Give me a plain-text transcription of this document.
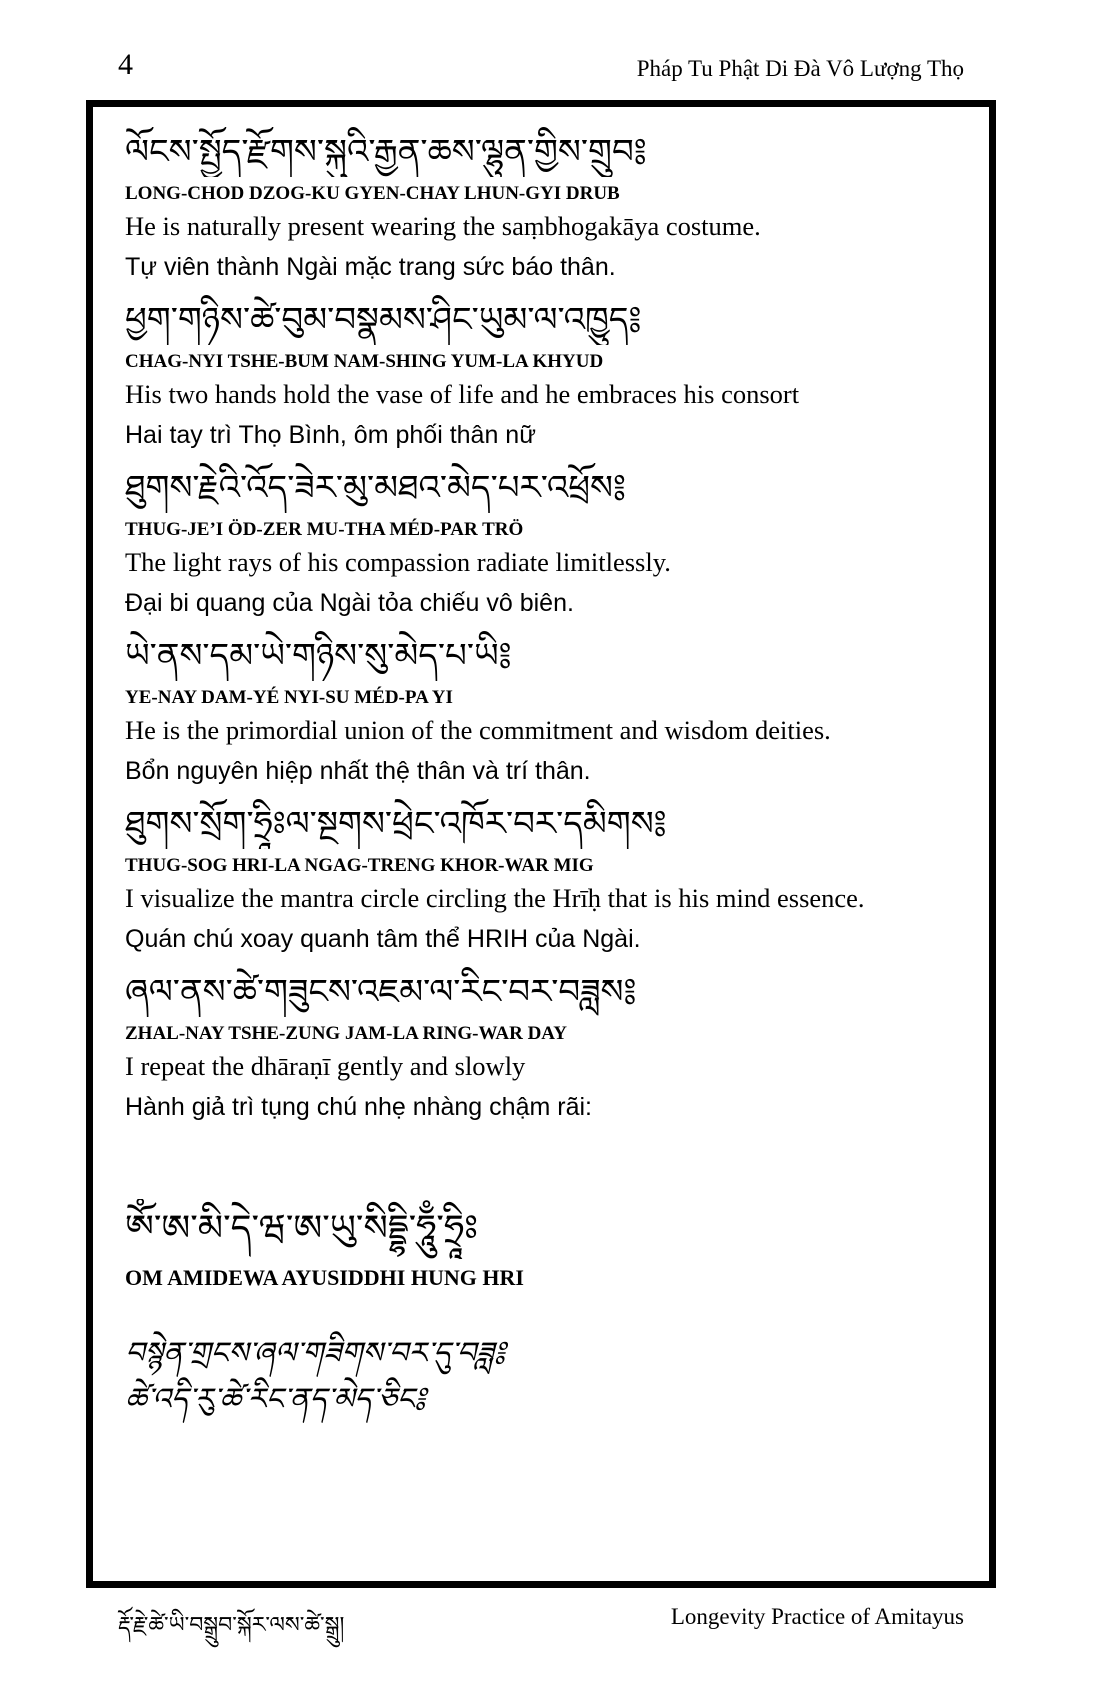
4	Pháp Tu Phật Di Đà Vô Lượng Thọ
ལོངས་སྤྱོད་རྫོགས་སྐུའི་རྒྱན་ཆས་ལྷུན་གྱིས་གྲུབ༔
LONG-CHOD DZOG-KU GYEN-CHAY LHUN-GYI DRUB
He is naturally present wearing the saṃbhogakāya costume.
Tự viên thành Ngài mặc trang sức báo thân.
ཕྱག་གཉིས་ཚེ་བུམ་བསྣམས་ཤིང་ཡུམ་ལ་འཁྱུད༔
CHAG-NYI TSHE-BUM NAM-SHING YUM-LA KHYUD
His two hands hold the vase of life and he embraces his consort
Hai tay trì Thọ Bình, ôm phối thân nữ
ཐུགས་རྗེའི་འོད་ཟེར་མུ་མཐའ་མེད་པར་འཕྲོས༔
THUG-JE’I ÖD-ZER MU-THA MÉD-PAR TRÖ
The light rays of his compassion radiate limitlessly.
Đại bi quang của Ngài tỏa chiếu vô biên.
ཡེ་ནས་དམ་ཡེ་གཉིས་སུ་མེད་པ་ཡི༔
YE-NAY DAM-YÉ NYI-SU MÉD-PA YI
He is the primordial union of the commitment and wisdom deities.
Bổn nguyên hiệp nhất thệ thân và trí thân.
ཐུགས་སྲོག་ཧྲཱིཿལ་སྔགས་ཕྲེང་འཁོར་བར་དམིགས༔
THUG-SOG HRI-LA NGAG-TRENG KHOR-WAR MIG
I visualize the mantra circle circling the Hrīḥ that is his mind essence.
Quán chú xoay quanh tâm thể HRIH của Ngài.
ཞལ་ནས་ཚེ་གཟུངས་འཇམ་ལ་རིང་བར་བཟླས༔
ZHAL-NAY TSHE-ZUNG JAM-LA RING-WAR DAY
I repeat the dhāraṇī gently and slowly
Hành giả trì tụng chú nhẹ nhàng chậm rãi:
ཨོཾ་ཨ་མི་དེ་ཝ་ཨ་ཡུ་སིདྡྷི་ཧཱུྃ་ཧྲཱིཿ
OM AMIDEWA AYUSIDDHI HUNG HRI
བསྙེན་གྲངས་ཞལ་གཟིགས་བར་དུ་བཟླ༔
ཚེ་འདི་རུ་ཚེ་རིང་ནད་མེད་ཅིང༔
རྡོ་རྗེ་ཚེ་ཡི་བསྒྲུབ་སྐོར་ལས་ཚེ་སྒྲུ།	Longevity Practice of Amitayus
